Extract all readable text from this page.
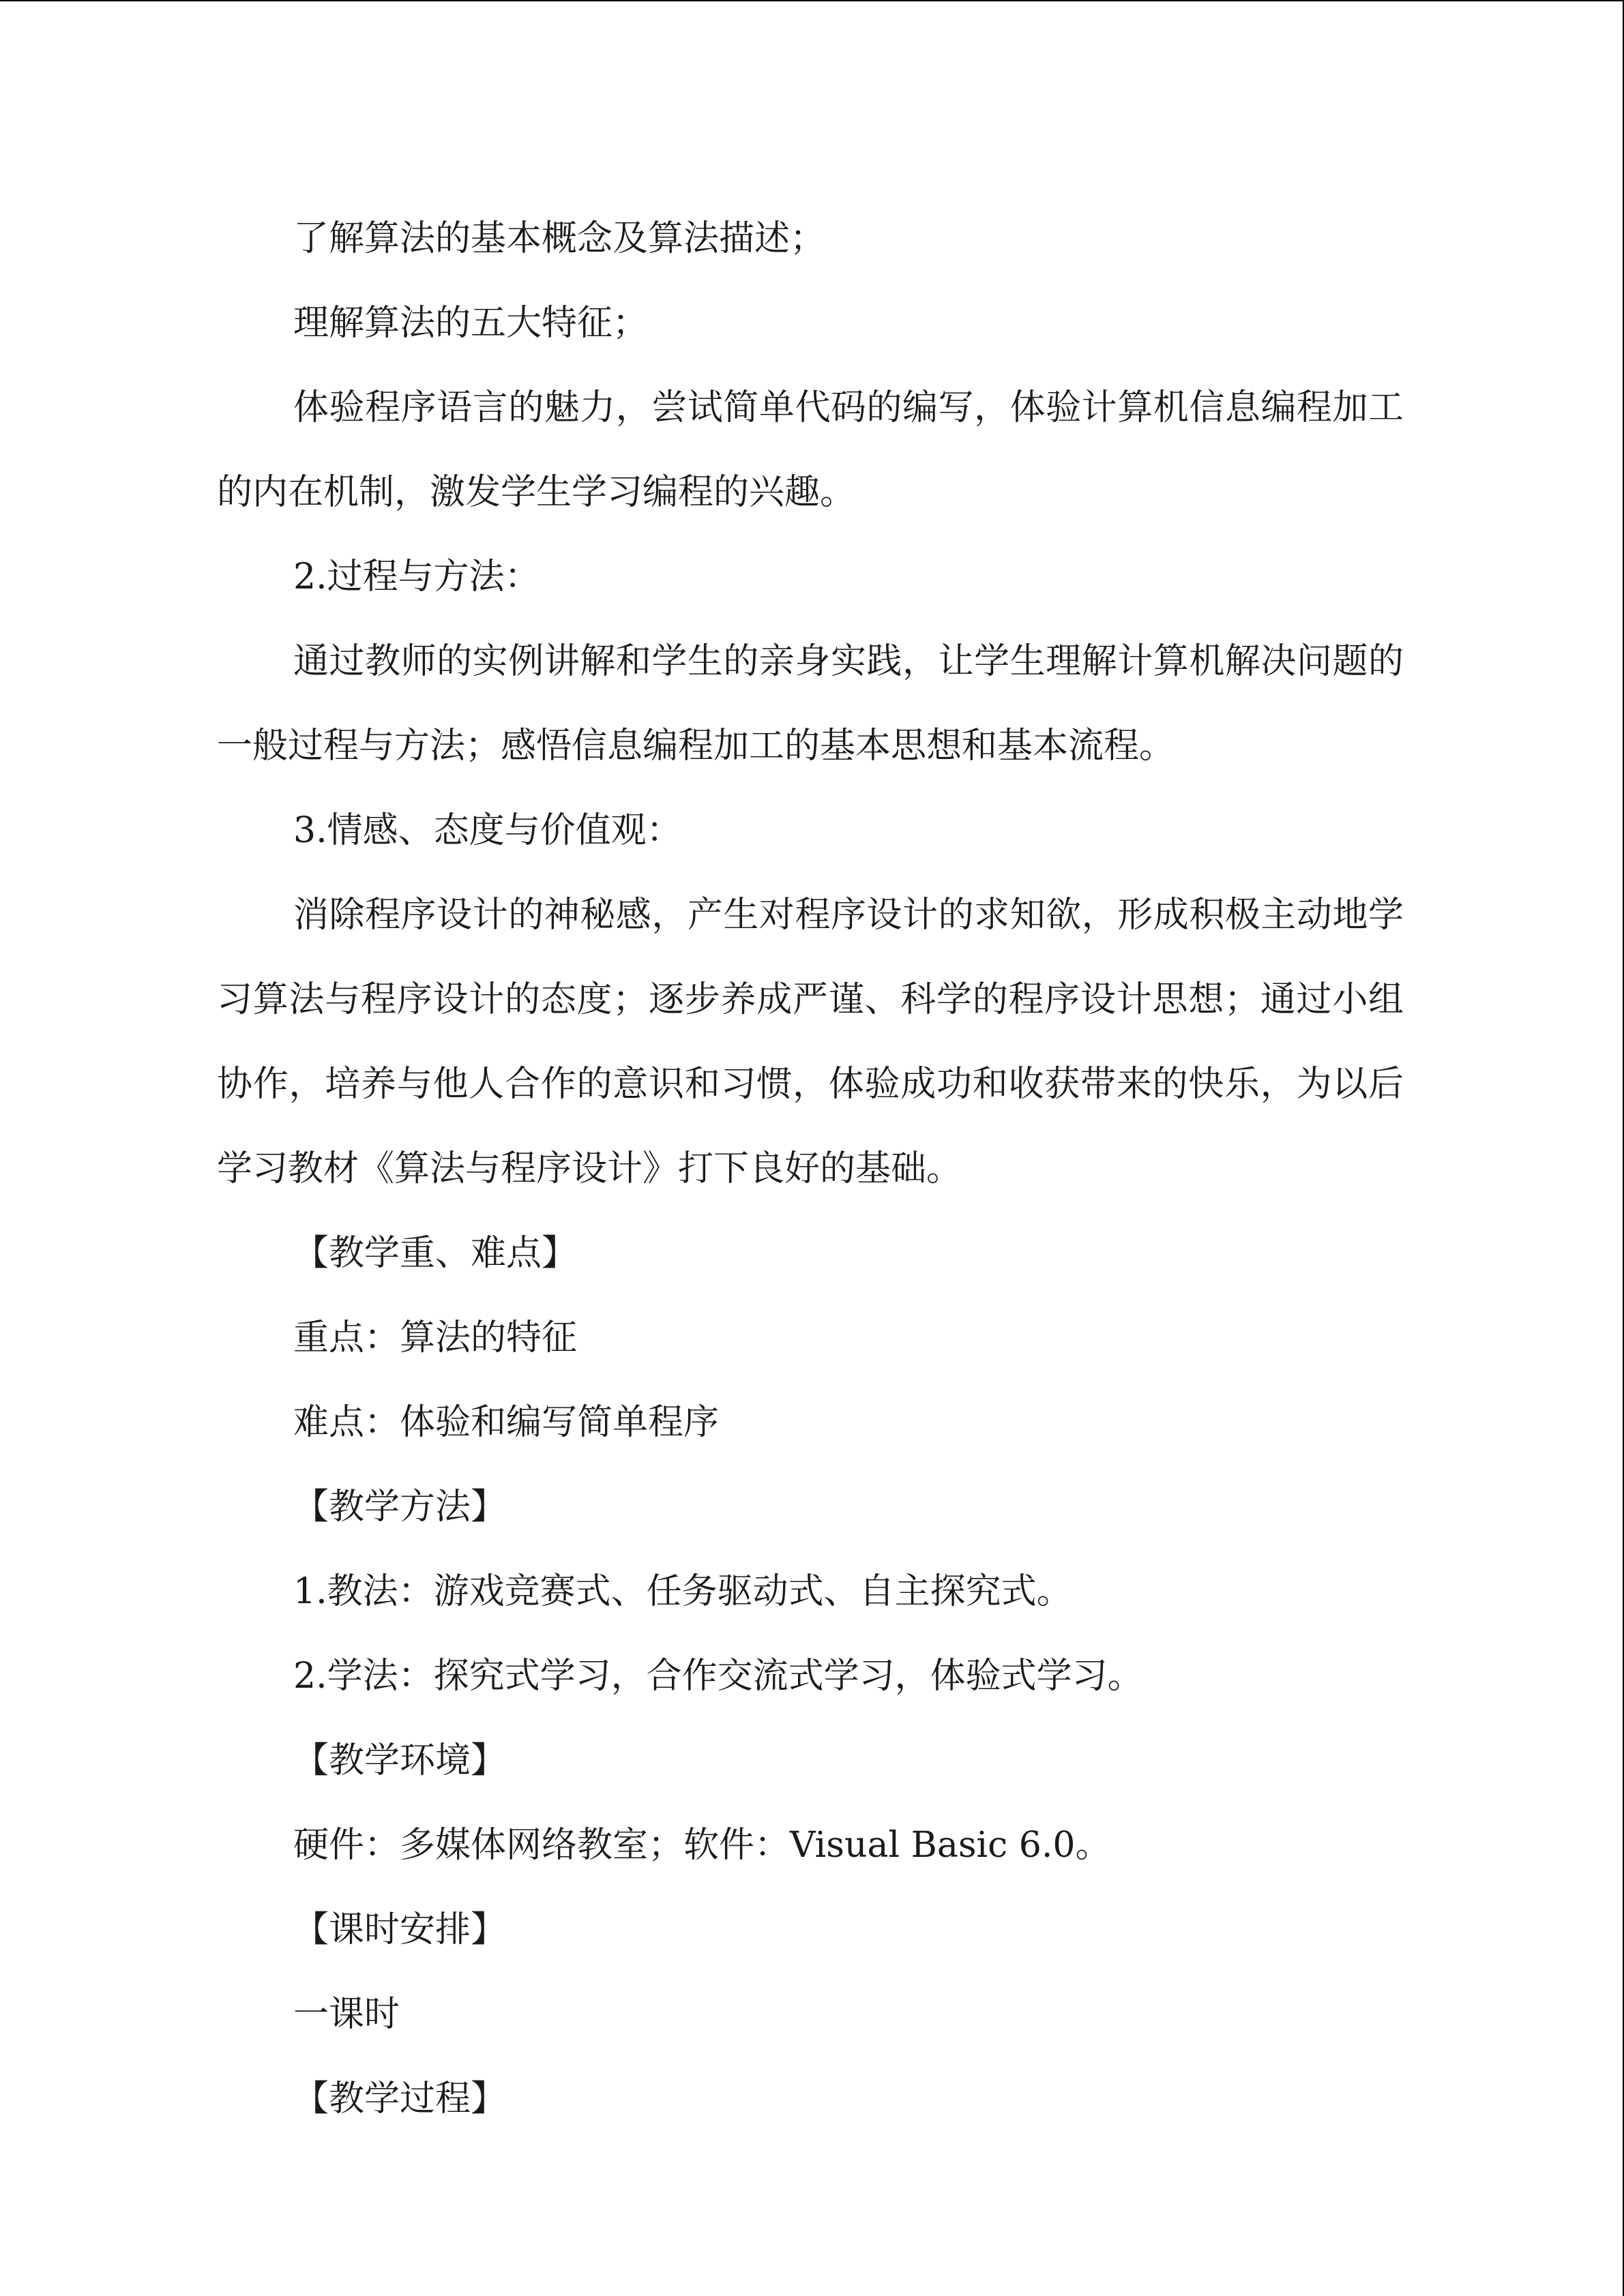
了解算法的基本概念及算法描述；

理解算法的五大特征；

体验程序语言的魅力，尝试简单代码的编写，体验计算机信息编程加工的内在机制，激发学生学习编程的兴趣。

2.过程与方法：

通过教师的实例讲解和学生的亲身实践，让学生理解计算机解决问题的一般过程与方法；感悟信息编程加工的基本思想和基本流程。

3.情感、态度与价值观：

消除程序设计的神秘感，产生对程序设计的求知欲，形成积极主动地学习算法与程序设计的态度；逐步养成严谨、科学的程序设计思想；通过小组协作，培养与他人合作的意识和习惯，体验成功和收获带来的快乐，为以后学习教材《算法与程序设计》打下良好的基础。

【教学重、难点】

重点：算法的特征

难点：体验和编写简单程序

【教学方法】

1.教法：游戏竞赛式、任务驱动式、自主探究式。

2.学法：探究式学习，合作交流式学习，体验式学习。

【教学环境】

硬件：多媒体网络教室；软件：Visual Basic 6.0。

【课时安排】

一课时

【教学过程】
